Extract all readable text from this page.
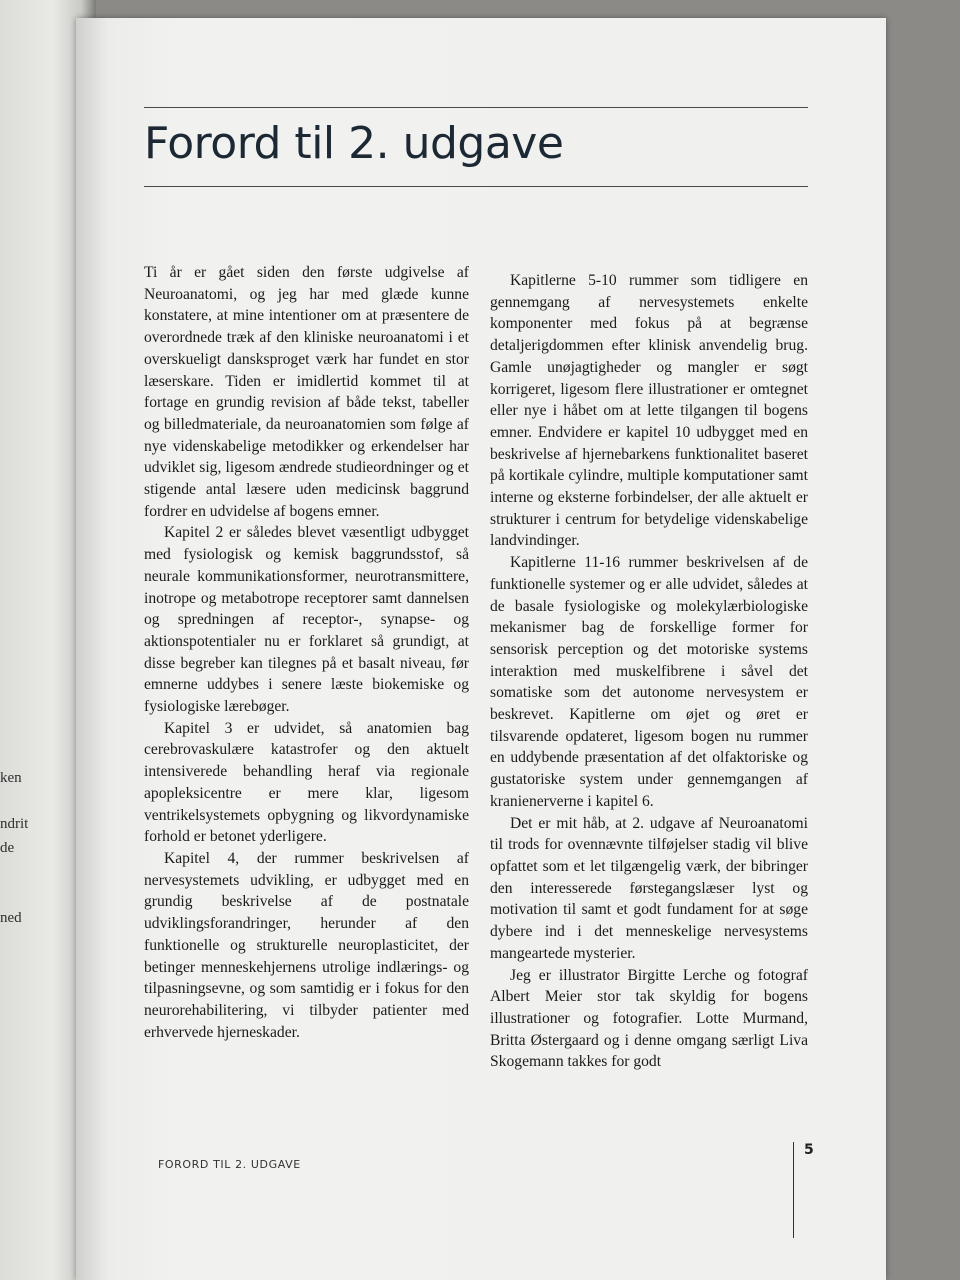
ken
ndrit
de
ned
Forord til 2. udgave

Ti år er gået siden den første udgivelse af Neuroanatomi, og jeg har med glæde kunne konstatere, at mine intentioner om at præsentere de overordnede træk af den kliniske neuroanatomi i et overskueligt dansksproget værk har fundet en stor læserskare. Tiden er imidlertid kommet til at fortage en grundig revision af både tekst, tabeller og billedmateriale, da neuroanatomien som følge af nye videnskabelige metodikker og erkendelser har udviklet sig, ligesom ændrede studieordninger og et stigende antal læsere uden medicinsk baggrund fordrer en udvidelse af bogens emner.

Kapitel 2 er således blevet væsentligt udbygget med fysiologisk og kemisk baggrundsstof, så neurale kommunikationsformer, neurotransmittere, inotrope og metabotrope receptorer samt dannelsen og spredningen af receptor-, synapse- og aktionspotentialer nu er forklaret så grundigt, at disse begreber kan tilegnes på et basalt niveau, før emnerne uddybes i senere læste biokemiske og fysiologiske lærebøger.

Kapitel 3 er udvidet, så anatomien bag cerebrovaskulære katastrofer og den aktuelt intensiverede behandling heraf via regionale apopleksicentre er mere klar, ligesom ventrikelsystemets opbygning og likvordynamiske forhold er betonet yderligere.

Kapitel 4, der rummer beskrivelsen af nervesystemets udvikling, er udbygget med en grundig beskrivelse af de postnatale udviklingsforandringer, herunder af den funktionelle og strukturelle neuroplasticitet, der betinger menneskehjernens utrolige indlærings- og tilpasningsevne, og som samtidig er i fokus for den neurorehabilitering, vi tilbyder patienter med erhvervede hjerneskader.

Kapitlerne 5-10 rummer som tidligere en gennemgang af nervesystemets enkelte komponenter med fokus på at begrænse detaljerigdommen efter klinisk anvendelig brug. Gamle unøjagtigheder og mangler er søgt korrigeret, ligesom flere illustrationer er omtegnet eller nye i håbet om at lette tilgangen til bogens emner. Endvidere er kapitel 10 udbygget med en beskrivelse af hjernebarkens funktionalitet baseret på kortikale cylindre, multiple komputationer samt interne og eksterne forbindelser, der alle aktuelt er strukturer i centrum for betydelige videnskabelige landvindinger.

Kapitlerne 11-16 rummer beskrivelsen af de funktionelle systemer og er alle udvidet, således at de basale fysiologiske og molekylærbiologiske mekanismer bag de forskellige former for sensorisk perception og det motoriske systems interaktion med muskelfibrene i såvel det somatiske som det autonome nervesystem er beskrevet. Kapitlerne om øjet og øret er tilsvarende opdateret, ligesom bogen nu rummer en uddybende præsentation af det olfaktoriske og gustatoriske system under gennemgangen af kranienerverne i kapitel 6.

Det er mit håb, at 2. udgave af Neuroanatomi til trods for ovennævnte tilføjelser stadig vil blive opfattet som et let tilgængelig værk, der bibringer den interesserede førstegangslæser lyst og motivation til samt et godt fundament for at søge dybere ind i det menneskelige nervesystems mangeartede mysterier.

Jeg er illustrator Birgitte Lerche og fotograf Albert Meier stor tak skyldig for bogens illustrationer og fotografier. Lotte Murmand, Britta Østergaard og i denne omgang særligt Liva Skogemann takkes for godt

FORORD TIL 2. UDGAVE
5
